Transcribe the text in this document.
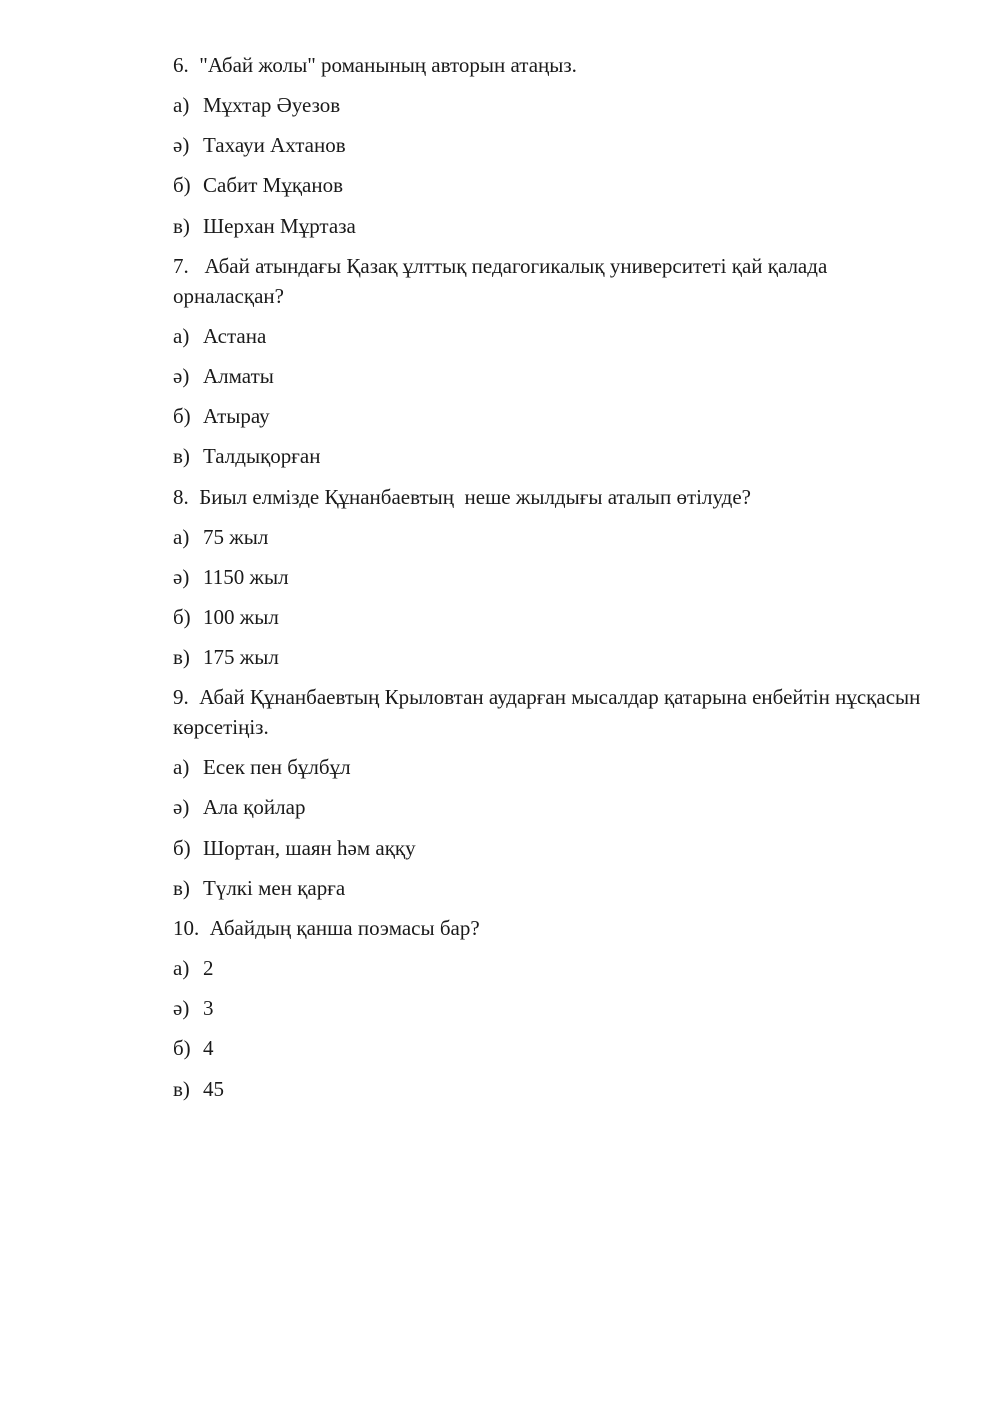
6.  "Абай жолы" романының авторын атаңыз.

а) Мұхтар Әуезов

ә) Тахауи Ахтанов

б) Сабит Мұқанов

в) Шерхан Мұртаза

7.   Абай атындағы Қазақ ұлттық педагогикалық университеті қай қалада орналасқан?

а) Астана

ә) Алматы

б) Атырау

в) Талдықорған

8.  Биыл елмізде Құнанбаевтың  неше жылдығы аталып өтілуде?

а) 75 жыл

ә) 1150 жыл

б) 100 жыл

в) 175 жыл

9.  Абай Құнанбаевтың Крыловтан аударған мысалдар қатарына енбейтін нұсқасын көрсетіңіз.

а) Есек пен бұлбұл

ә) Ала қойлар

б) Шортан, шаян һәм аққу

в) Түлкі мен қарға

10.  Абайдың қанша поэмасы бар?

а) 2

ә) 3

б) 4

в) 45
